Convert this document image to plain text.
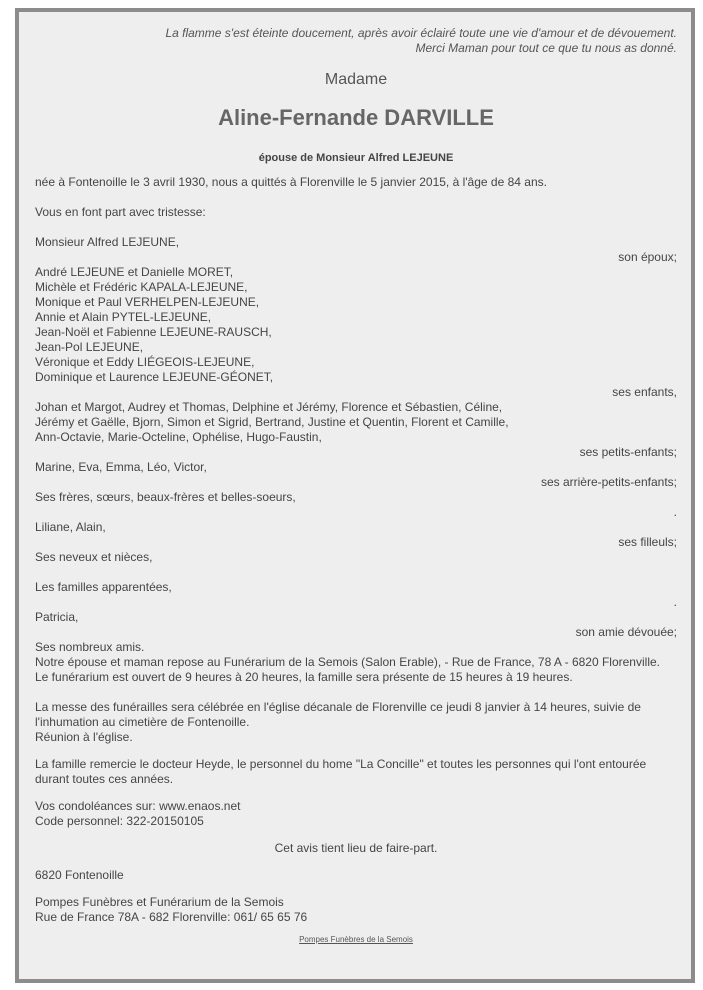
La flamme s'est éteinte doucement, après avoir éclairé toute une vie d'amour et de dévouement.
Merci Maman pour tout ce que tu nous as donné.
Madame
Aline-Fernande DARVILLE
épouse de Monsieur Alfred LEJEUNE
née à Fontenoille le 3 avril 1930, nous a quittés à Florenville le 5 janvier 2015, à l'âge de 84 ans.
Vous en font part avec tristesse:
Monsieur Alfred LEJEUNE,
son époux;
André LEJEUNE et Danielle MORET,
Michèle et Frédéric KAPALA-LEJEUNE,
Monique et Paul VERHELPEN-LEJEUNE,
Annie et Alain PYTEL-LEJEUNE,
Jean-Noël et Fabienne LEJEUNE-RAUSCH,
Jean-Pol LEJEUNE,
Véronique et Eddy LIÉGEOIS-LEJEUNE,
Dominique et Laurence LEJEUNE-GÉONET,
ses enfants,
Johan et Margot, Audrey et Thomas, Delphine et Jérémy, Florence et Sébastien, Céline,
Jérémy et Gaëlle, Bjorn, Simon et Sigrid, Bertrand, Justine et Quentin, Florent et Camille,
Ann-Octavie, Marie-Octeline, Ophélise, Hugo-Faustin,
ses petits-enfants;
Marine, Eva, Emma, Léo, Victor,
ses arrière-petits-enfants;
Ses frères, sœurs, beaux-frères et belles-soeurs,
.
Liliane, Alain,
ses filleuls;
Ses neveux et nièces,
Les familles apparentées,
.
Patricia,
son amie dévouée;
Ses nombreux amis.
Notre épouse et maman repose au Funérarium de la Semois (Salon Erable), - Rue de France, 78 A - 6820 Florenville.
Le funérarium est ouvert de 9 heures à 20 heures, la famille sera présente de 15 heures à 19 heures.
La messe des funérailles sera célébrée en l'église décanale de Florenville ce jeudi 8 janvier à 14 heures, suivie de
l'inhumation au cimetière de Fontenoille.
Réunion à l'église.
La famille remercie le docteur Heyde, le personnel du home "La Concille" et toutes les personnes qui l'ont entourée
durant toutes ces années.
Vos condoléances sur: www.enaos.net
Code personnel: 322-20150105
Cet avis tient lieu de faire-part.
6820 Fontenoille
Pompes Funèbres et Funérarium de la Semois
Rue de France 78A - 682 Florenville: 061/ 65 65 76
Pompes Funèbres de la Semois
